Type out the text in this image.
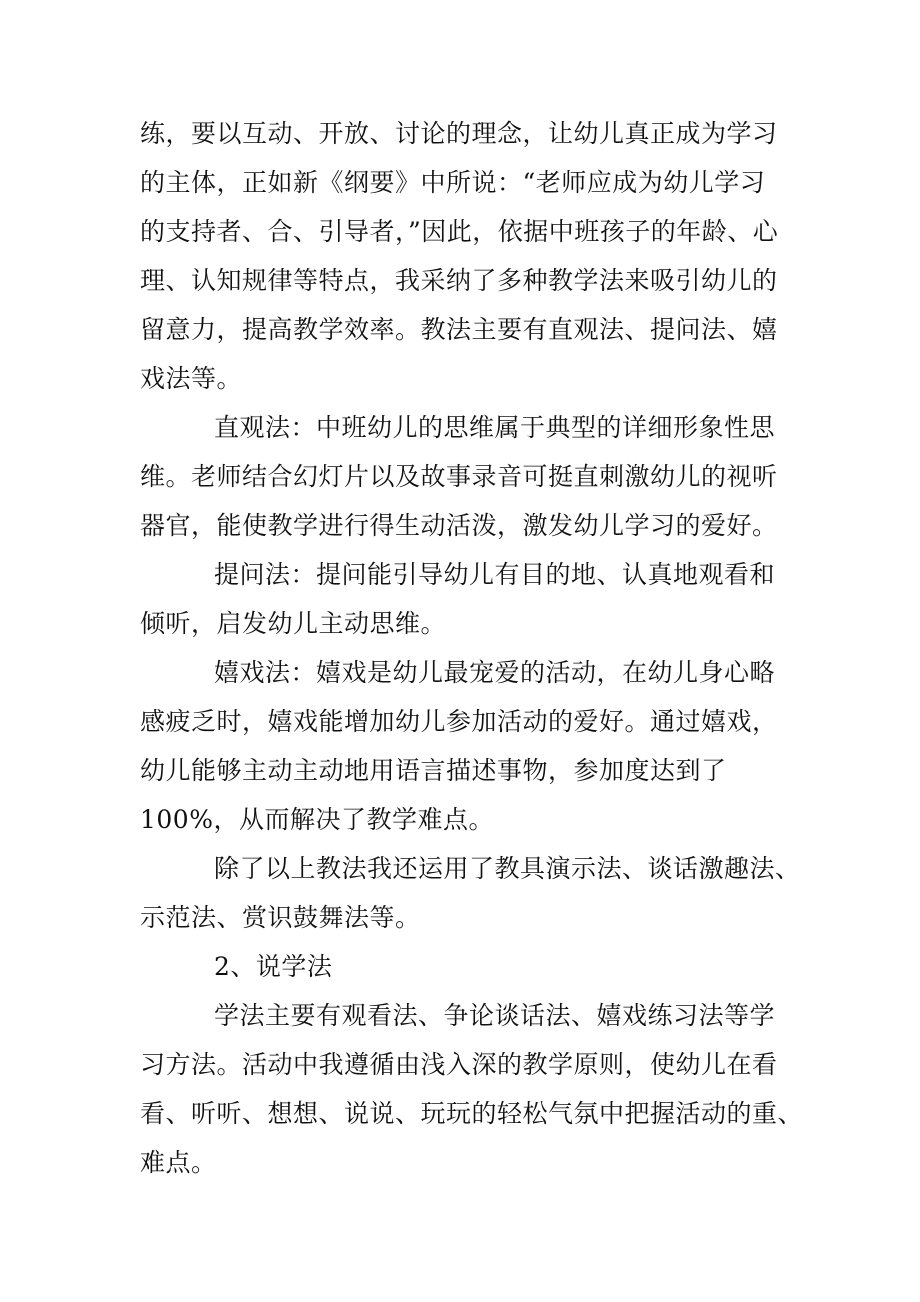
练，要以互动、开放、讨论的理念，让幼儿真正成为学习
的主体，正如新《纲要》中所说：“老师应成为幼儿学习
的支持者、合、引导者，”因此，依据中班孩子的年龄、心
理、认知规律等特点，我采纳了多种教学法来吸引幼儿的
留意力，提高教学效率。教法主要有直观法、提问法、嬉
戏法等。
直观法：中班幼儿的思维属于典型的详细形象性思
维。老师结合幻灯片以及故事录音可挺直刺激幼儿的视听
器官，能使教学进行得生动活泼，激发幼儿学习的爱好。
提问法：提问能引导幼儿有目的地、认真地观看和
倾听，启发幼儿主动思维。
嬉戏法：嬉戏是幼儿最宠爱的活动，在幼儿身心略
感疲乏时，嬉戏能增加幼儿参加活动的爱好。通过嬉戏，
幼儿能够主动主动地用语言描述事物，参加度达到了
100%，从而解决了教学难点。
除了以上教法我还运用了教具演示法、谈话激趣法、
示范法、赏识鼓舞法等。
2、说学法
学法主要有观看法、争论谈话法、嬉戏练习法等学
习方法。活动中我遵循由浅入深的教学原则，使幼儿在看
看、听听、想想、说说、玩玩的轻松气氛中把握活动的重、
难点。
